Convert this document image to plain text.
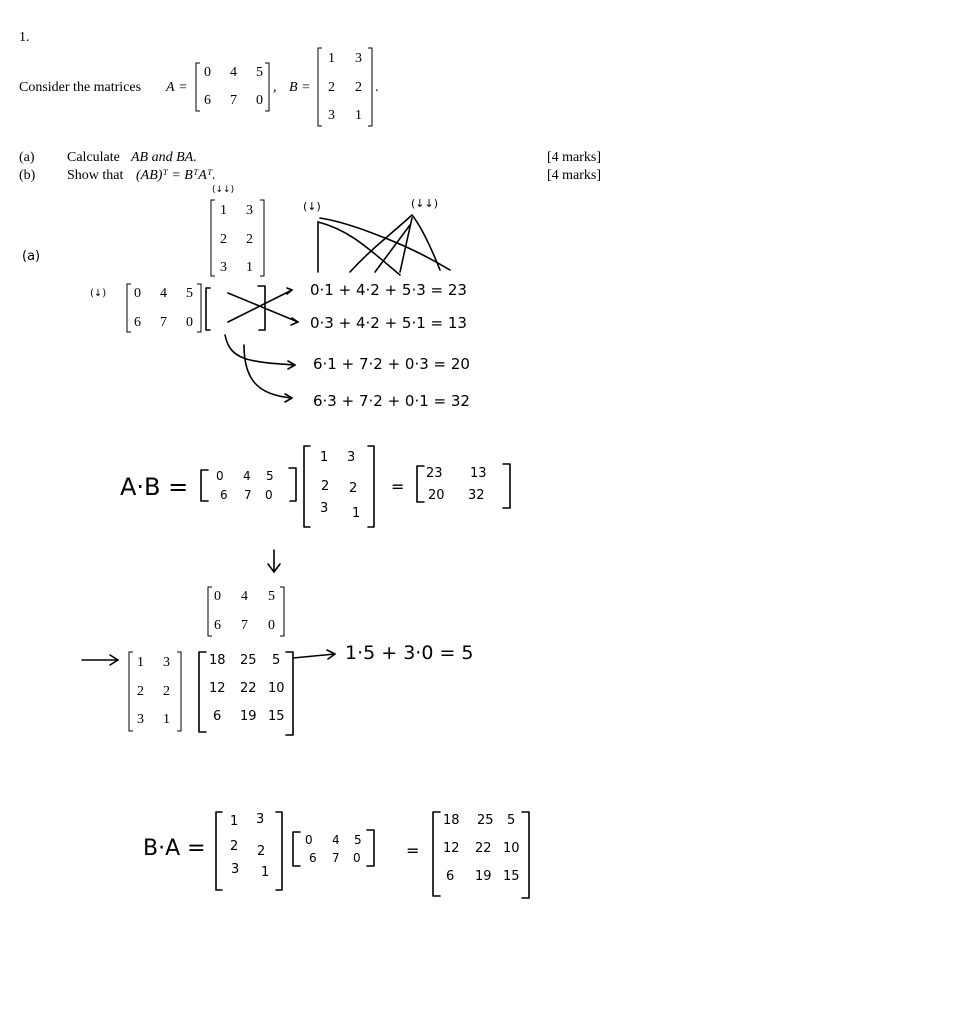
1.
Consider the matrices A =
0 4 5
6 7 0
, B =
1 3
2 2
3 1
.
(a) Calculate AB and BA.	[4 marks]
(b) Show that (AB)ᵀ = BᵀAᵀ.	[4 marks]
(a)
(↓↓)
1 3
2 2
3 1
(↓) 0 4 5
6 7 0
(↓)	(↓↓)
0·1 + 4·2 + 5·3 = 23
0·3 + 4·2 + 5·1 = 13
6·1 + 7·2 + 0·3 = 20
6·3 + 7·2 + 0·1 = 32
A·B = 0 4 5
6 7 0
1 3
2 2
3 1
=
23 13
20 32
0 4 5
6 7 0
1 3
2 2
3 1
18 25 5
12 22 10
6 19 15
1·5 + 3·0 = 5
B·A =
1 3
2 2
3 1
0 4 5
6 7 0	=
18 25 5
12 22 10
6 19 15
